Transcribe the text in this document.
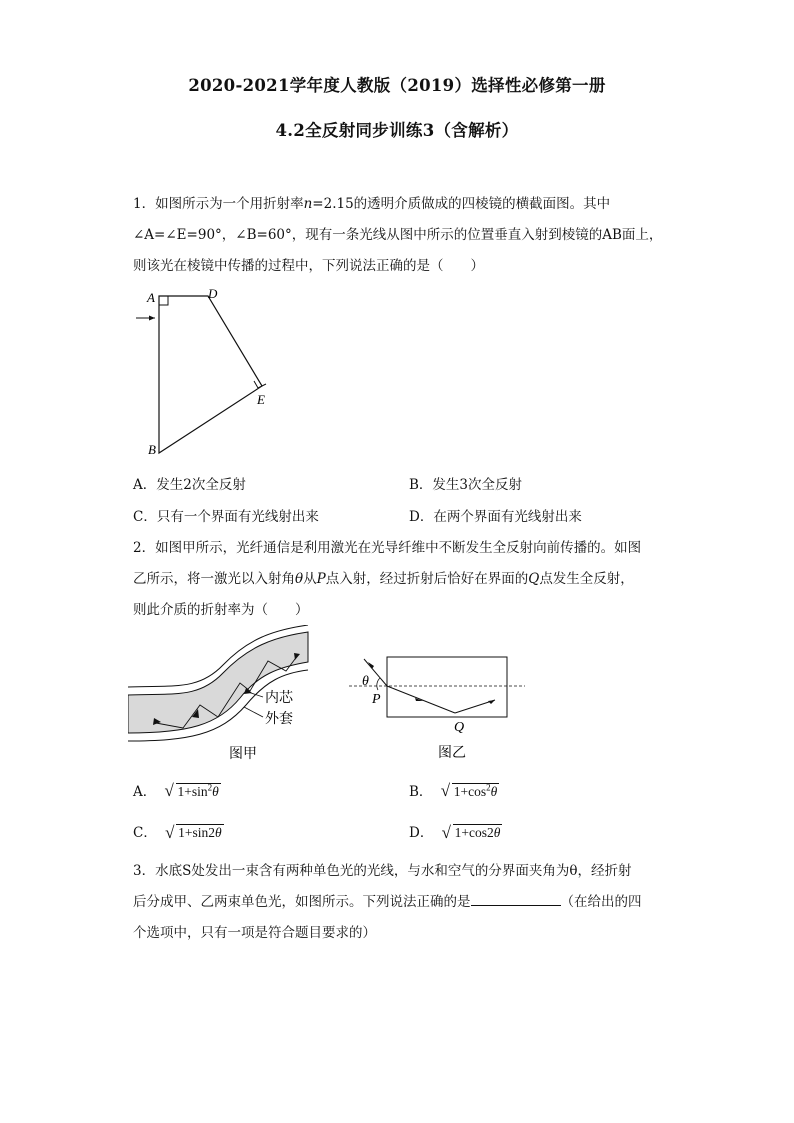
2020-2021学年度人教版（2019）选择性必修第一册
4.2全反射同步训练3（含解析）
1．如图所示为一个用折射率n=2.15的透明介质做成的四棱镜的横截面图。其中
∠A=∠E=90°，∠B=60°，现有一条光线从图中所示的位置垂直入射到棱镜的AB面上，
则该光在棱镜中传播的过程中，下列说法正确的是（　　）
A	D
E
B
A．发生2次全反射	B．发生3次全反射
C．只有一个界面有光线射出来	D．在两个界面有光线射出来
2．如图甲所示，光纤通信是利用激光在光导纤维中不断发生全反射向前传播的。如图
乙所示，将一激光以入射角θ从P点入射，经过折射后恰好在界面的Q点发生全反射，
则此介质的折射率为（　　）
内芯
外套
图甲
θ
P
Q
图乙
A． √ $1+\sin^2\theta$	B． √ $1+\cos^2\theta$
C． √ 1+sin2θ	D． √ 1+cos2θ
3．水底S处发出一束含有两种单色光的光线，与水和空气的分界面夹角为θ，经折射
后分成甲、乙两束单色光，如图所示。下列说法正确的是	（在给出的四
个选项中，只有一项是符合题目要求的）
